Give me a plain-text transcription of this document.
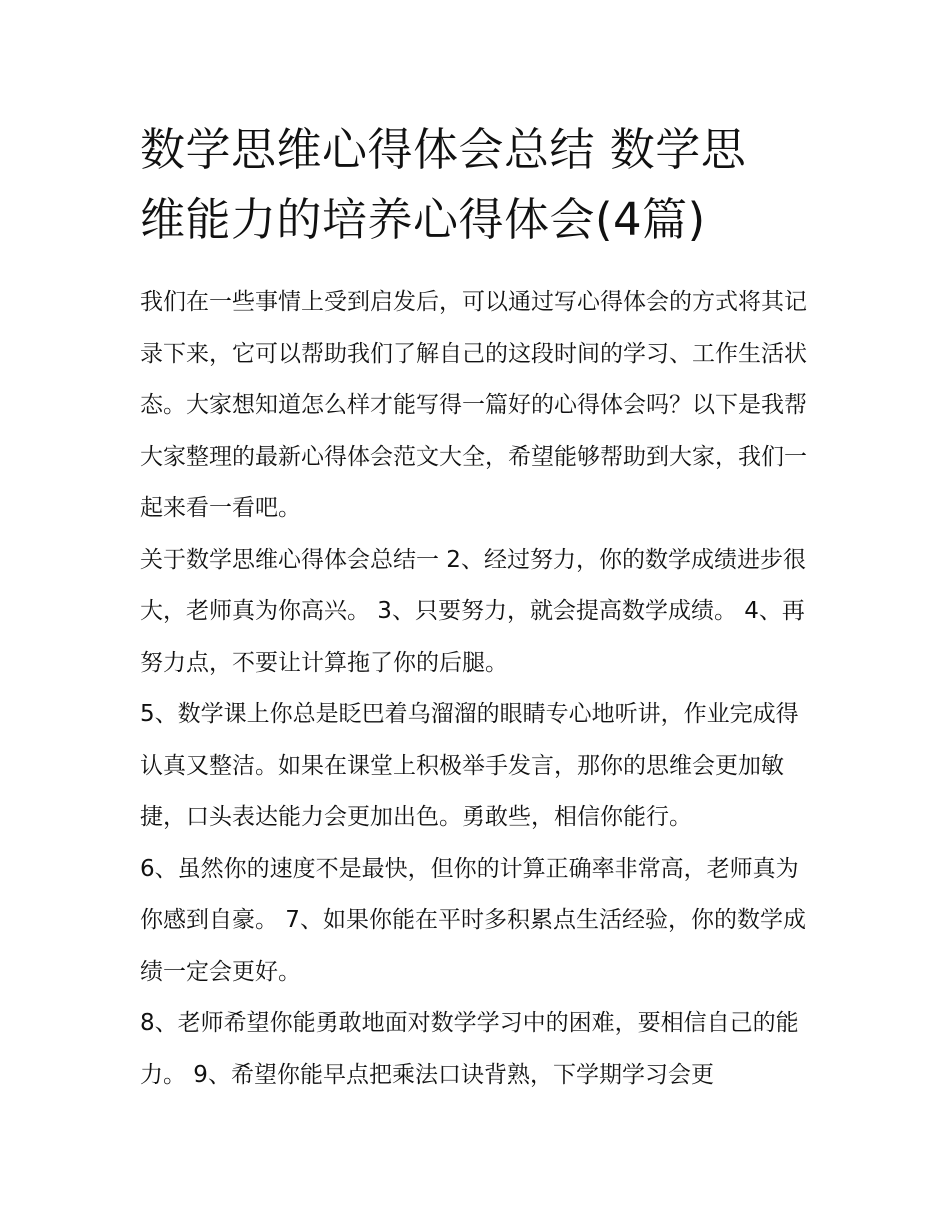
数学思维心得体会总结 数学思
维能力的培养心得体会(4篇)

我们在一些事情上受到启发后，可以通过写心得体会的方式将其记录下来，它可以帮助我们了解自己的这段时间的学习、工作生活状态。大家想知道怎么样才能写得一篇好的心得体会吗？以下是我帮大家整理的最新心得体会范文大全，希望能够帮助到大家，我们一起来看一看吧。

关于数学思维心得体会总结一 2、经过努力，你的数学成绩进步很大，老师真为你高兴。 3、只要努力，就会提高数学成绩。 4、再努力点，不要让计算拖了你的后腿。

5、数学课上你总是眨巴着乌溜溜的眼睛专心地听讲，作业完成得认真又整洁。如果在课堂上积极举手发言，那你的思维会更加敏捷，口头表达能力会更加出色。勇敢些，相信你能行。

6、虽然你的速度不是最快，但你的计算正确率非常高，老师真为你感到自豪。 7、如果你能在平时多积累点生活经验，你的数学成绩一定会更好。

8、老师希望你能勇敢地面对数学学习中的困难，要相信自己的能力。 9、希望你能早点把乘法口诀背熟，下学期学习会更
